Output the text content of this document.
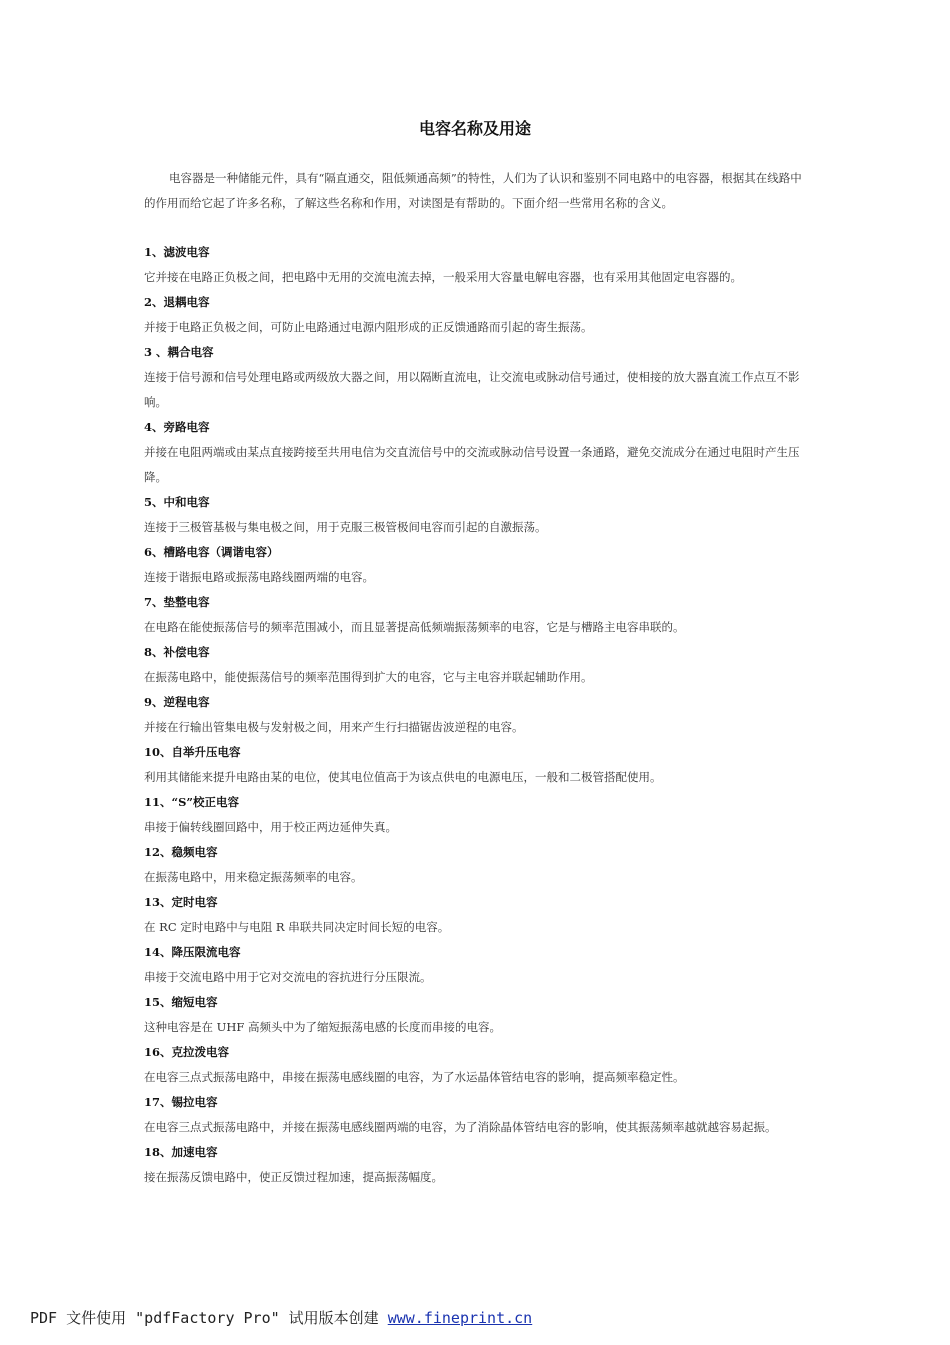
电容名称及用途

电容器是一种储能元件，具有“隔直通交，阻低频通高频”的特性，人们为了认识和鉴别不同电路中的电容器，根据其在线路中的作用而给它起了许多名称，了解这些名称和作用，对读图是有帮助的。下面介绍一些常用名称的含义。

1、滤波电容

它并接在电路正负极之间，把电路中无用的交流电流去掉，一般采用大容量电解电容器，也有采用其他固定电容器的。

2、退耦电容

并接于电路正负极之间，可防止电路通过电源内阻形成的正反馈通路而引起的寄生振荡。

3 、耦合电容

连接于信号源和信号处理电路或两级放大器之间，用以隔断直流电，让交流电或脉动信号通过，使相接的放大器直流工作点互不影响。

4、旁路电容

并接在电阻两端或由某点直接跨接至共用电信为交直流信号中的交流或脉动信号设置一条通路，避免交流成分在通过电阻时产生压降。

5、中和电容

连接于三极管基极与集电极之间，用于克服三极管极间电容而引起的自激振荡。

6、槽路电容（调谐电容）

连接于谐振电路或振荡电路线圈两端的电容。

7、垫整电容

在电路在能使振荡信号的频率范围减小，而且显著提高低频端振荡频率的电容，它是与槽路主电容串联的。

8、补偿电容

在振荡电路中，能使振荡信号的频率范围得到扩大的电容，它与主电容并联起辅助作用。

9、逆程电容

并接在行输出管集电极与发射极之间，用来产生行扫描锯齿波逆程的电容。

10、自举升压电容

利用其储能来提升电路由某的电位，使其电位值高于为该点供电的电源电压，一般和二极管搭配使用。

11、“S”校正电容

串接于偏转线圈回路中，用于校正两边延伸失真。

12、稳频电容

在振荡电路中，用来稳定振荡频率的电容。

13、定时电容

在 RC 定时电路中与电阻 R 串联共同决定时间长短的电容。

14、降压限流电容

串接于交流电路中用于它对交流电的容抗进行分压限流。

15、缩短电容

这种电容是在 UHF 高频头中为了缩短振荡电感的长度而串接的电容。

16、克拉泼电容

在电容三点式振荡电路中，串接在振荡电感线圈的电容，为了水运晶体管结电容的影响，提高频率稳定性。

17、锡拉电容

在电容三点式振荡电路中，并接在振荡电感线圈两端的电容，为了消除晶体管结电容的影响，使其振荡频率越就越容易起振。

18、加速电容

接在振荡反馈电路中，使正反馈过程加速，提高振荡幅度。

PDF 文件使用 "pdfFactory Pro" 试用版本创建 www.fineprint.cn
